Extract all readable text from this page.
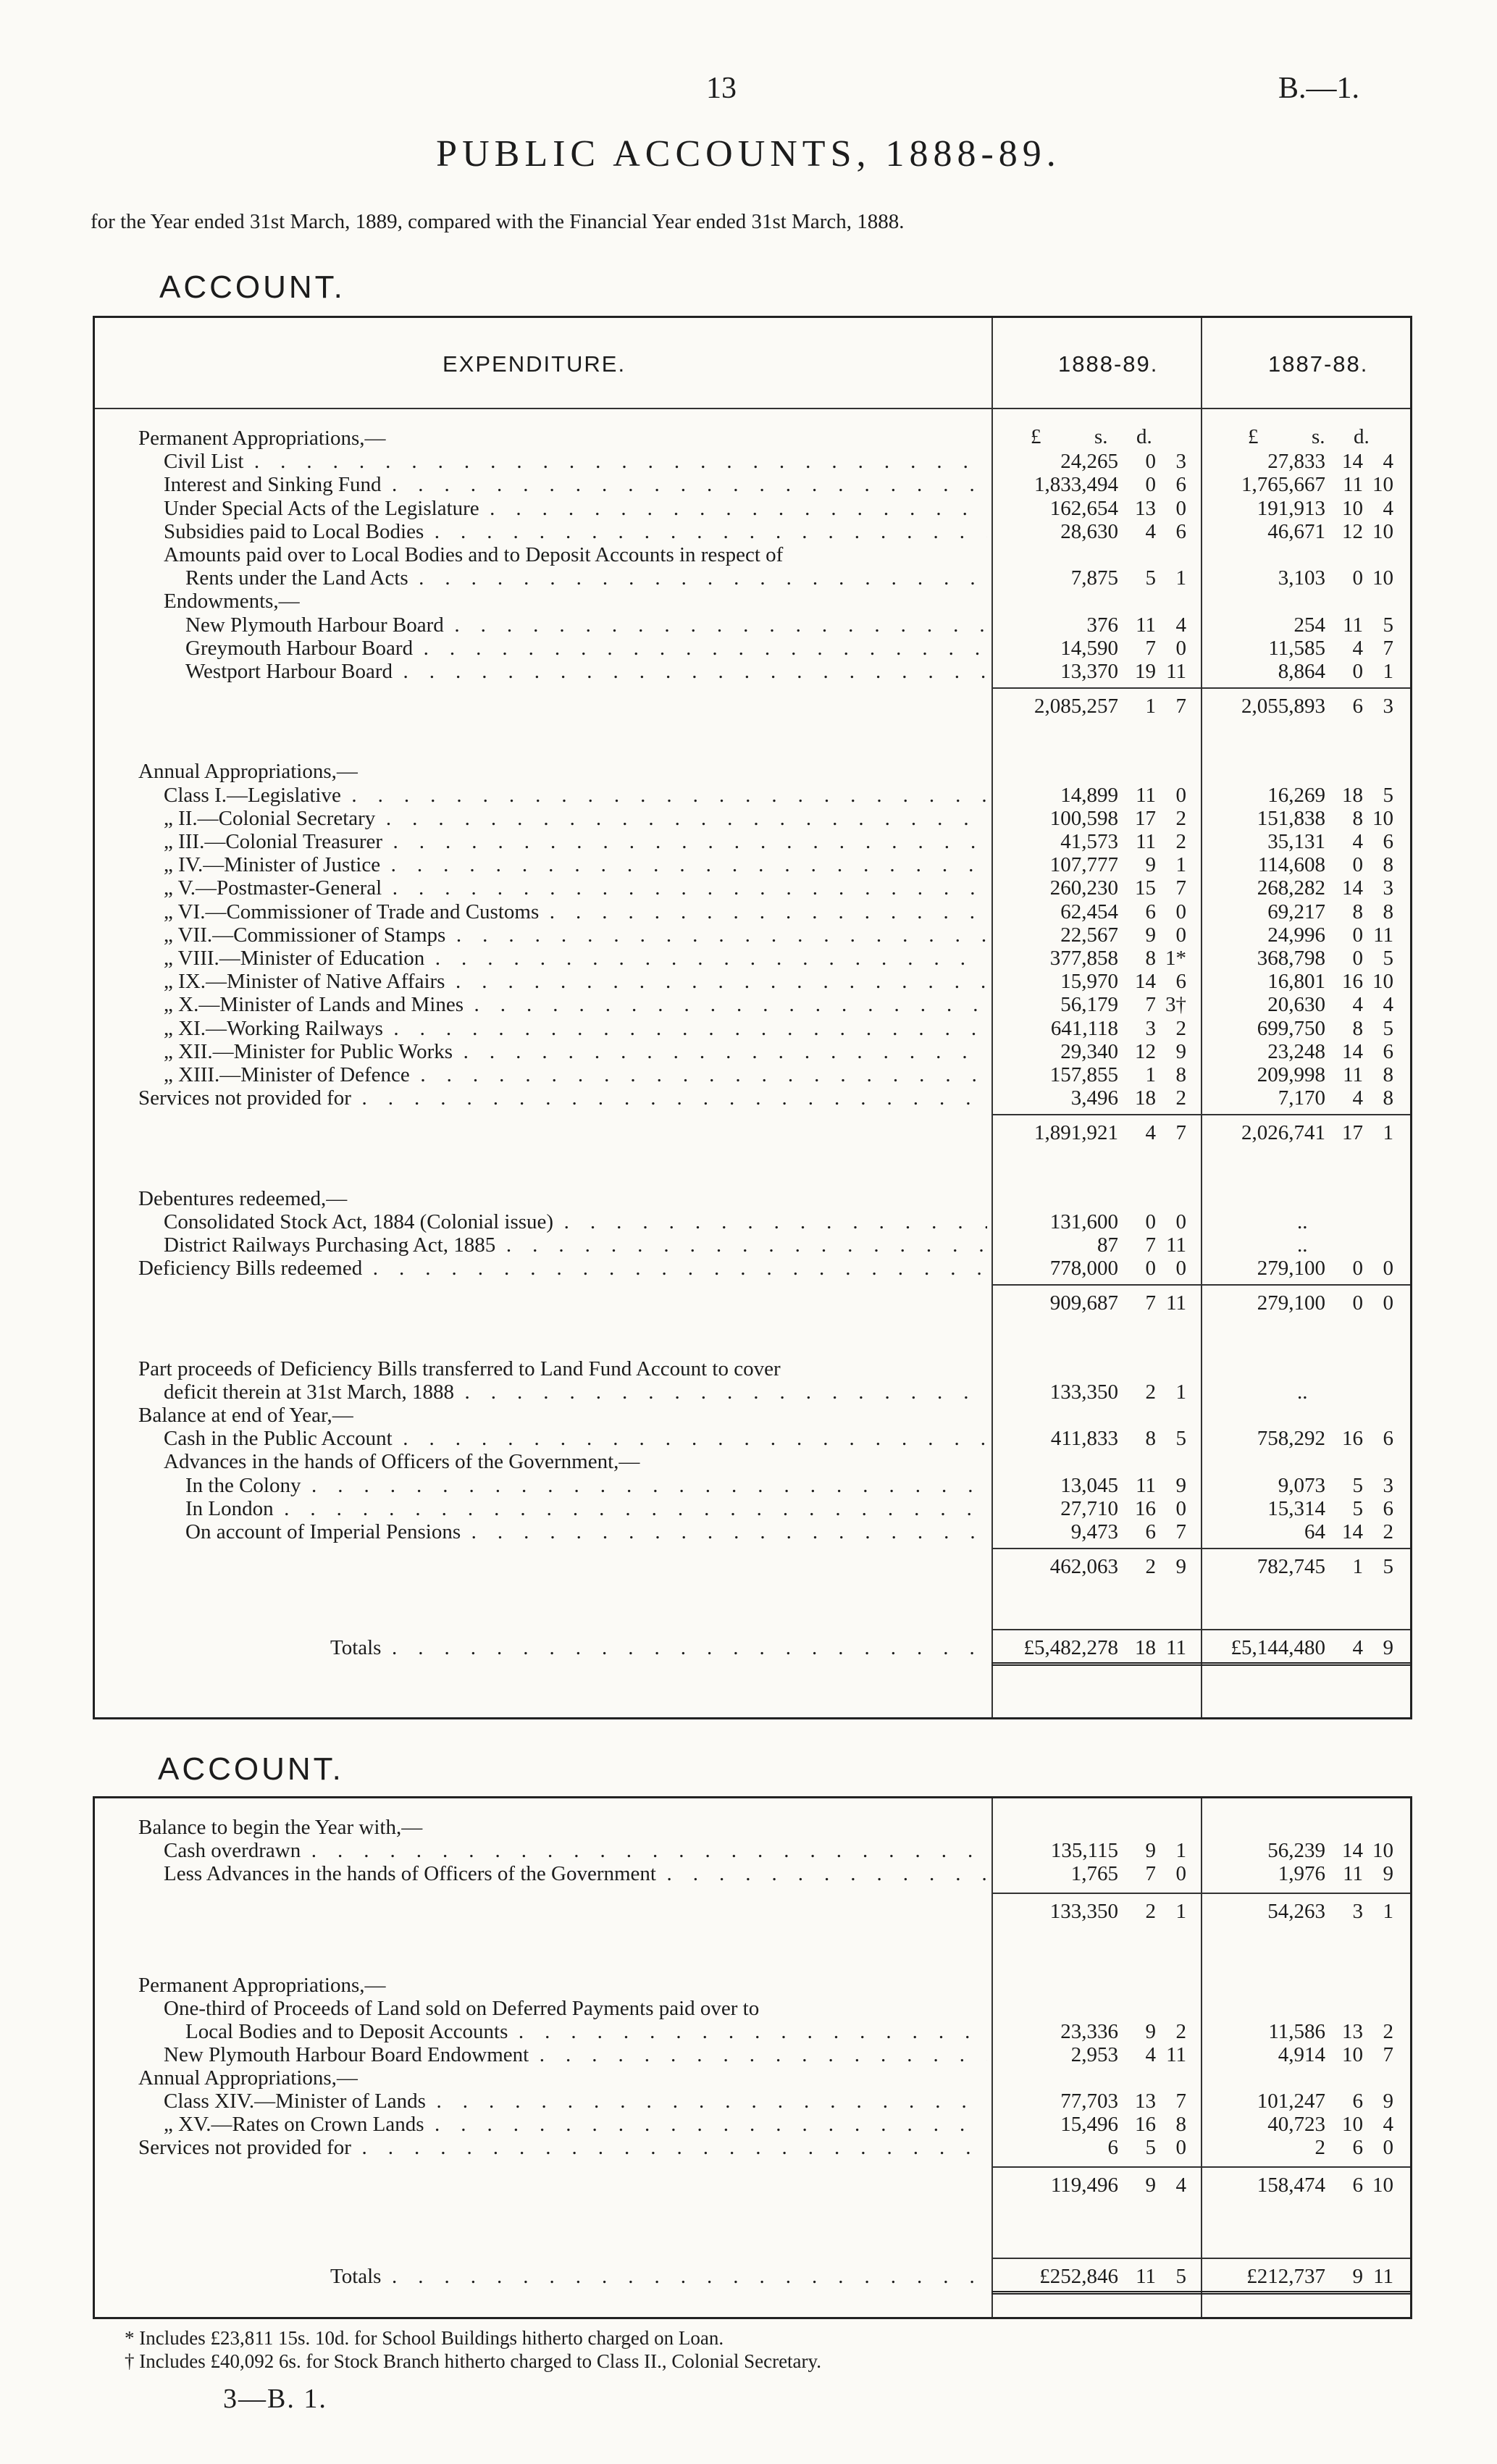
13	B.—1.
PUBLIC ACCOUNTS, 1888-89.
for the Year ended 31st March, 1889, compared with the Financial Year ended 31st March, 1888.
ACCOUNT.
EXPENDITURE.	1888-89.	1887-88.
£	s. d.	£	s. d.
Permanent Appropriations,—
Civil List .	24,265 0 3	27,833 14 4
Interest and Sinking Fund .	1,833,494 0 6	1,765,667 11 10
Under Special Acts of the Legislature .	162,654 13 0	191,913 10 4
Subsidies paid to Local Bodies .	28,630 4 6	46,671 12 10
Amounts paid over to Local Bodies and to Deposit Accounts in respect of
Rents under the Land Acts .	7,875 5 1	3,103 0 10
Endowments,—
New Plymouth Harbour Board .	376 11 4	254 11 5
Greymouth Harbour Board .	14,590 7 0	11,585 4 7
Westport Harbour Board .	13,370 19 11	8,864 0 1
2,085,257 1 7	2,055,893 6 3
Annual Appropriations,—
Class I.—Legislative .	14,899 11 0	16,269 18 5
„ II.—Colonial Secretary .	100,598 17 2	151,838 8 10
„ III.—Colonial Treasurer .	41,573 11 2	35,131 4 6
„ IV.—Minister of Justice .	107,777 9 1	114,608 0 8
„ V.—Postmaster-General .	260,230 15 7	268,282 14 3
„ VI.—Commissioner of Trade and Customs .	62,454 6 0	69,217 8 8
„ VII.—Commissioner of Stamps .	22,567 9 0	24,996 0 11
„ VIII.—Minister of Education .	377,858 8 1*	368,798 0 5
„ IX.—Minister of Native Affairs .	15,970 14 6	16,801 16 10
„ X.—Minister of Lands and Mines .	56,179 7 3†	20,630 4 4
„ XI.—Working Railways .	641,118 3 2	699,750 8 5
„ XII.—Minister for Public Works .	29,340 12 9	23,248 14 6
„ XIII.—Minister of Defence .	157,855 1 8	209,998 11 8
Services not provided for .	3,496 18 2	7,170 4 8
1,891,921 4 7	2,026,741 17 1
Debentures redeemed,—
Consolidated Stock Act, 1884 (Colonial issue) .	131,600 0 0	..
District Railways Purchasing Act, 1885 .	87 7 11	..
Deficiency Bills redeemed .	778,000 0 0	279,100 0 0
909,687 7 11	279,100 0 0
Part proceeds of Deficiency Bills transferred to Land Fund Account to cover
deficit therein at 31st March, 1888 .	133,350 2 1	..
Balance at end of Year,—
Cash in the Public Account .	411,833 8 5	758,292 16 6
Advances in the hands of Officers of the Government,—
In the Colony .	13,045 11 9	9,073 5 3
In London .	27,710 16 0	15,314 5 6
On account of Imperial Pensions .	9,473 6 7	64 14 2
462,063 2 9	782,745 1 5
Totals .	£5,482,278 18 11	£5,144,480 4 9
ACCOUNT.
Balance to begin the Year with,—
Cash overdrawn .	135,115 9 1	56,239 14 10
Less Advances in the hands of Officers of the Government .	1,765 7 0	1,976 11 9
133,350 2 1	54,263 3 1
Permanent Appropriations,—
One-third of Proceeds of Land sold on Deferred Payments paid over to
Local Bodies and to Deposit Accounts .	23,336 9 2	11,586 13 2
New Plymouth Harbour Board Endowment .	2,953 4 11	4,914 10 7
Annual Appropriations,—
Class XIV.—Minister of Lands .	77,703 13 7	101,247 6 9
„ XV.—Rates on Crown Lands .	15,496 16 8	40,723 10 4
Services not provided for .	6 5 0	2 6 0
119,496 9 4	158,474 6 10
Totals .	£252,846 11 5	£212,737 9 11
* Includes £23,811 15s. 10d. for School Buildings hitherto charged on Loan.
† Includes £40,092 6s. for Stock Branch hitherto charged to Class II., Colonial Secretary.
3—B. 1.
